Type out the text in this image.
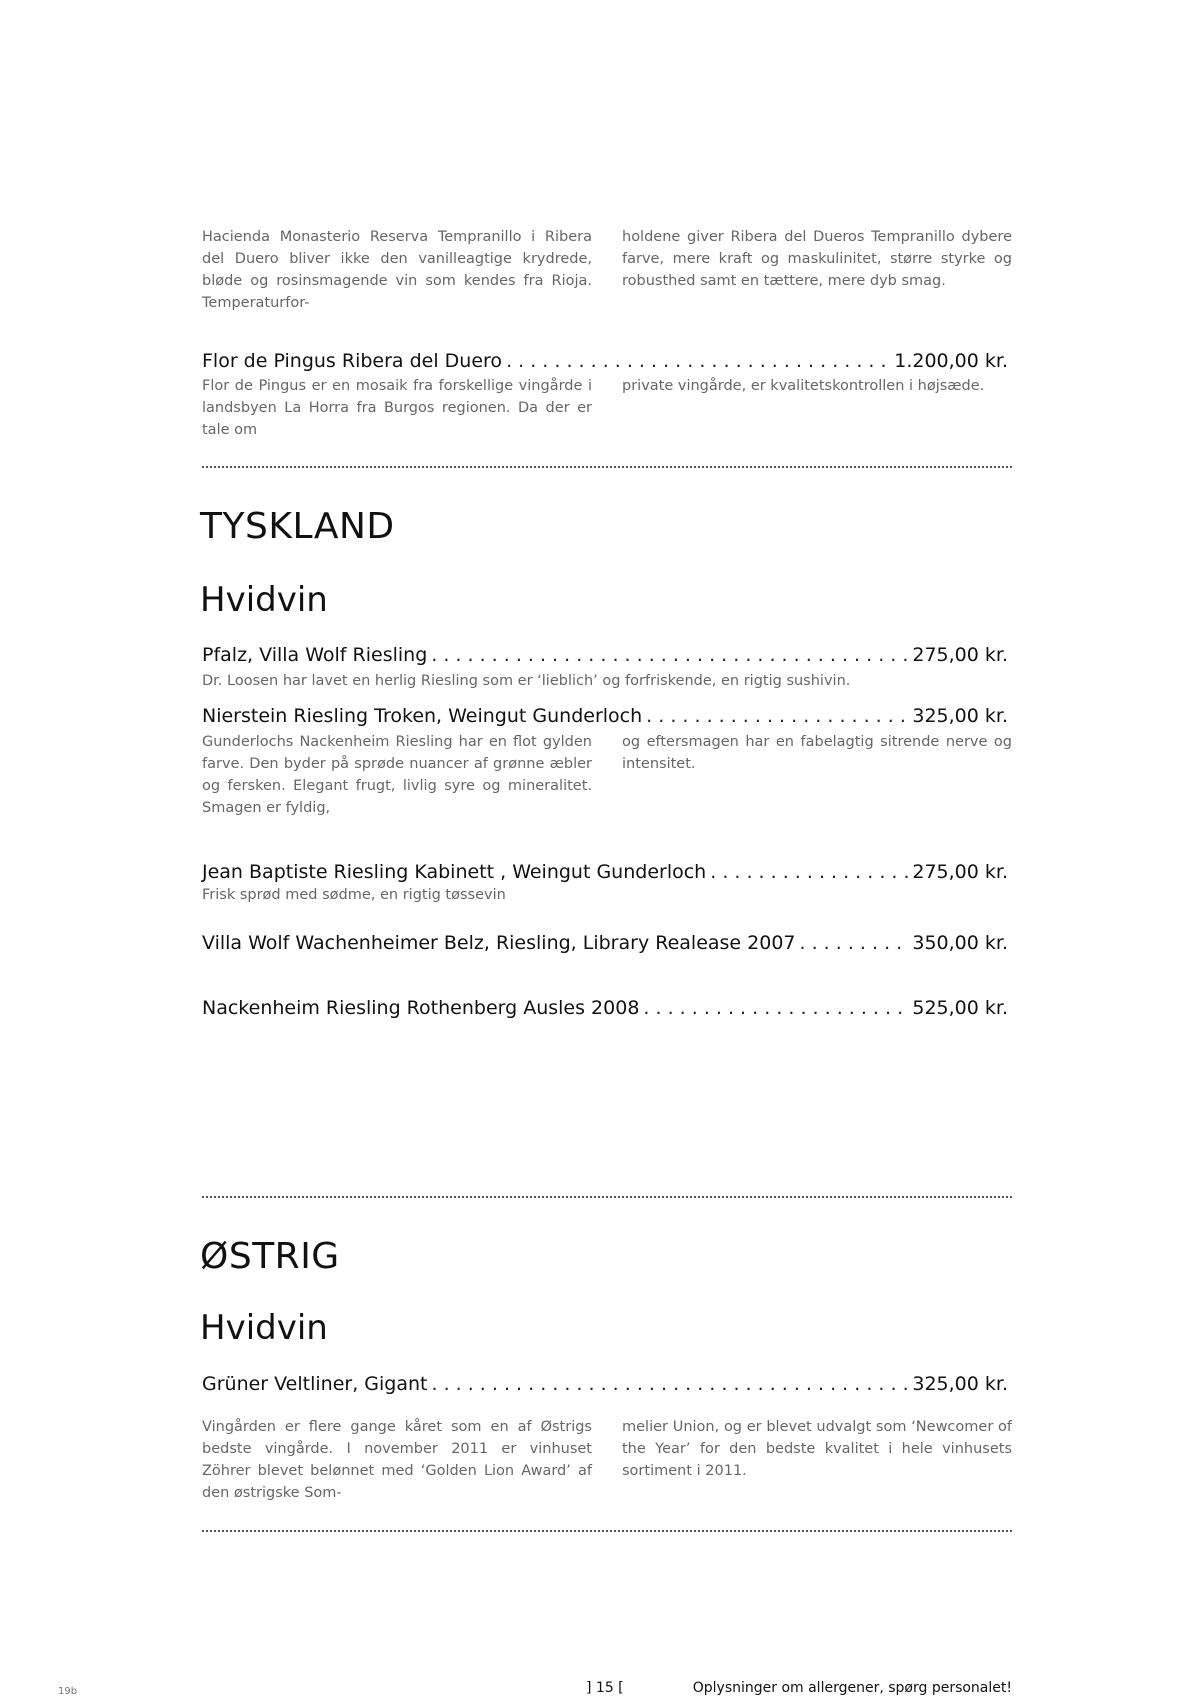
Hacienda Monasterio Reserva Tempranillo i Ribera del Duero bliver ikke den vanilleagtige krydrede, bløde og rosinsmagende vin som kendes fra Rioja. Temperaturfor-

holdene giver Ribera del Dueros Tempranillo dybere farve, mere kraft og maskulinitet, større styrke og robusthed samt en tættere, mere dyb smag.

Flor de Pingus Ribera del Duero . . .	1.200,00 kr.

Flor de Pingus er en mosaik fra forskellige vingårde i landsbyen La Horra fra Burgos regionen. Da der er tale om

private vingårde, er kvalitetskontrollen i højsæde.

TYSKLAND
Hvidvin
Pfalz, Villa Wolf Riesling . . .	275,00 kr.

Dr. Loosen har lavet en herlig Riesling som er ‘lieblich’ og forfriskende, en rigtig sushivin.

Nierstein Riesling Troken, Weingut Gunderloch . . .	325,00 kr.

Gunderlochs Nackenheim Riesling har en flot gylden farve. Den byder på sprøde nuancer af grønne æbler og fersken. Elegant frugt, livlig syre og mineralitet. Smagen er fyldig,

og eftersmagen har en fabelagtig sitrende nerve og intensitet.

Jean Baptiste Riesling Kabinett , Weingut Gunderloch . . .	275,00 kr.

Frisk sprød med sødme, en rigtig tøssevin

Villa Wolf Wachenheimer Belz, Riesling, Library Realease 2007 . . .	350,00 kr.
Nackenheim Riesling Rothenberg Ausles 2008 . . .	525,00 kr.
ØSTRIG
Hvidvin
Grüner Veltliner, Gigant . . .	325,00 kr.

Vingården er flere gange kåret som en af Østrigs bedste vingårde. I november 2011 er vinhuset Zöhrer blevet belønnet med ‘Golden Lion Award’ af den østrigske Som-

melier Union, og er blevet udvalgt som ‘Newcomer of the Year’ for den bedste kvalitet i hele vinhusets sortiment i 2011.

19b	] 15 [	Oplysninger om allergener, spørg personalet!
